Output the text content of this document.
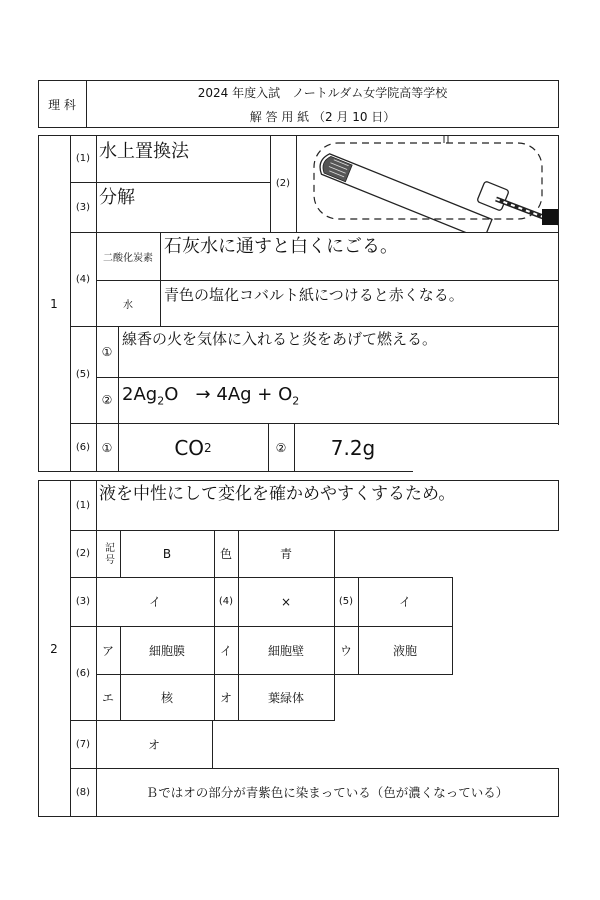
理 科
2024 年度入試　ノートルダム女学院高等学校
解 答 用 紙 （2 月 10 日）
1
(1) 水上置換法
(3) 分解
(2)
(4)
二酸化炭素
石灰水に通すと白くにごる。
水
青色の塩化コバルト紙につけると赤くなる。
(5)
①
線香の火を気体に入れると炎をあげて燃える。
② $2Ag_2O \to 4Ag + O_2$
(6) ①	CO 2	②	7.2g
2
(1)
液を中性にして変化を確かめやすくするため。
(2)	記号	B	色	青
(3)	イ	(4)	×	(5)	イ
(6)
ア	細胞膜	イ	細胞壁	ウ	液胞
エ	核	オ	葉緑体
(7)	オ
(8)	Ｂではオの部分が青紫色に染まっている（色が濃くなっている）
